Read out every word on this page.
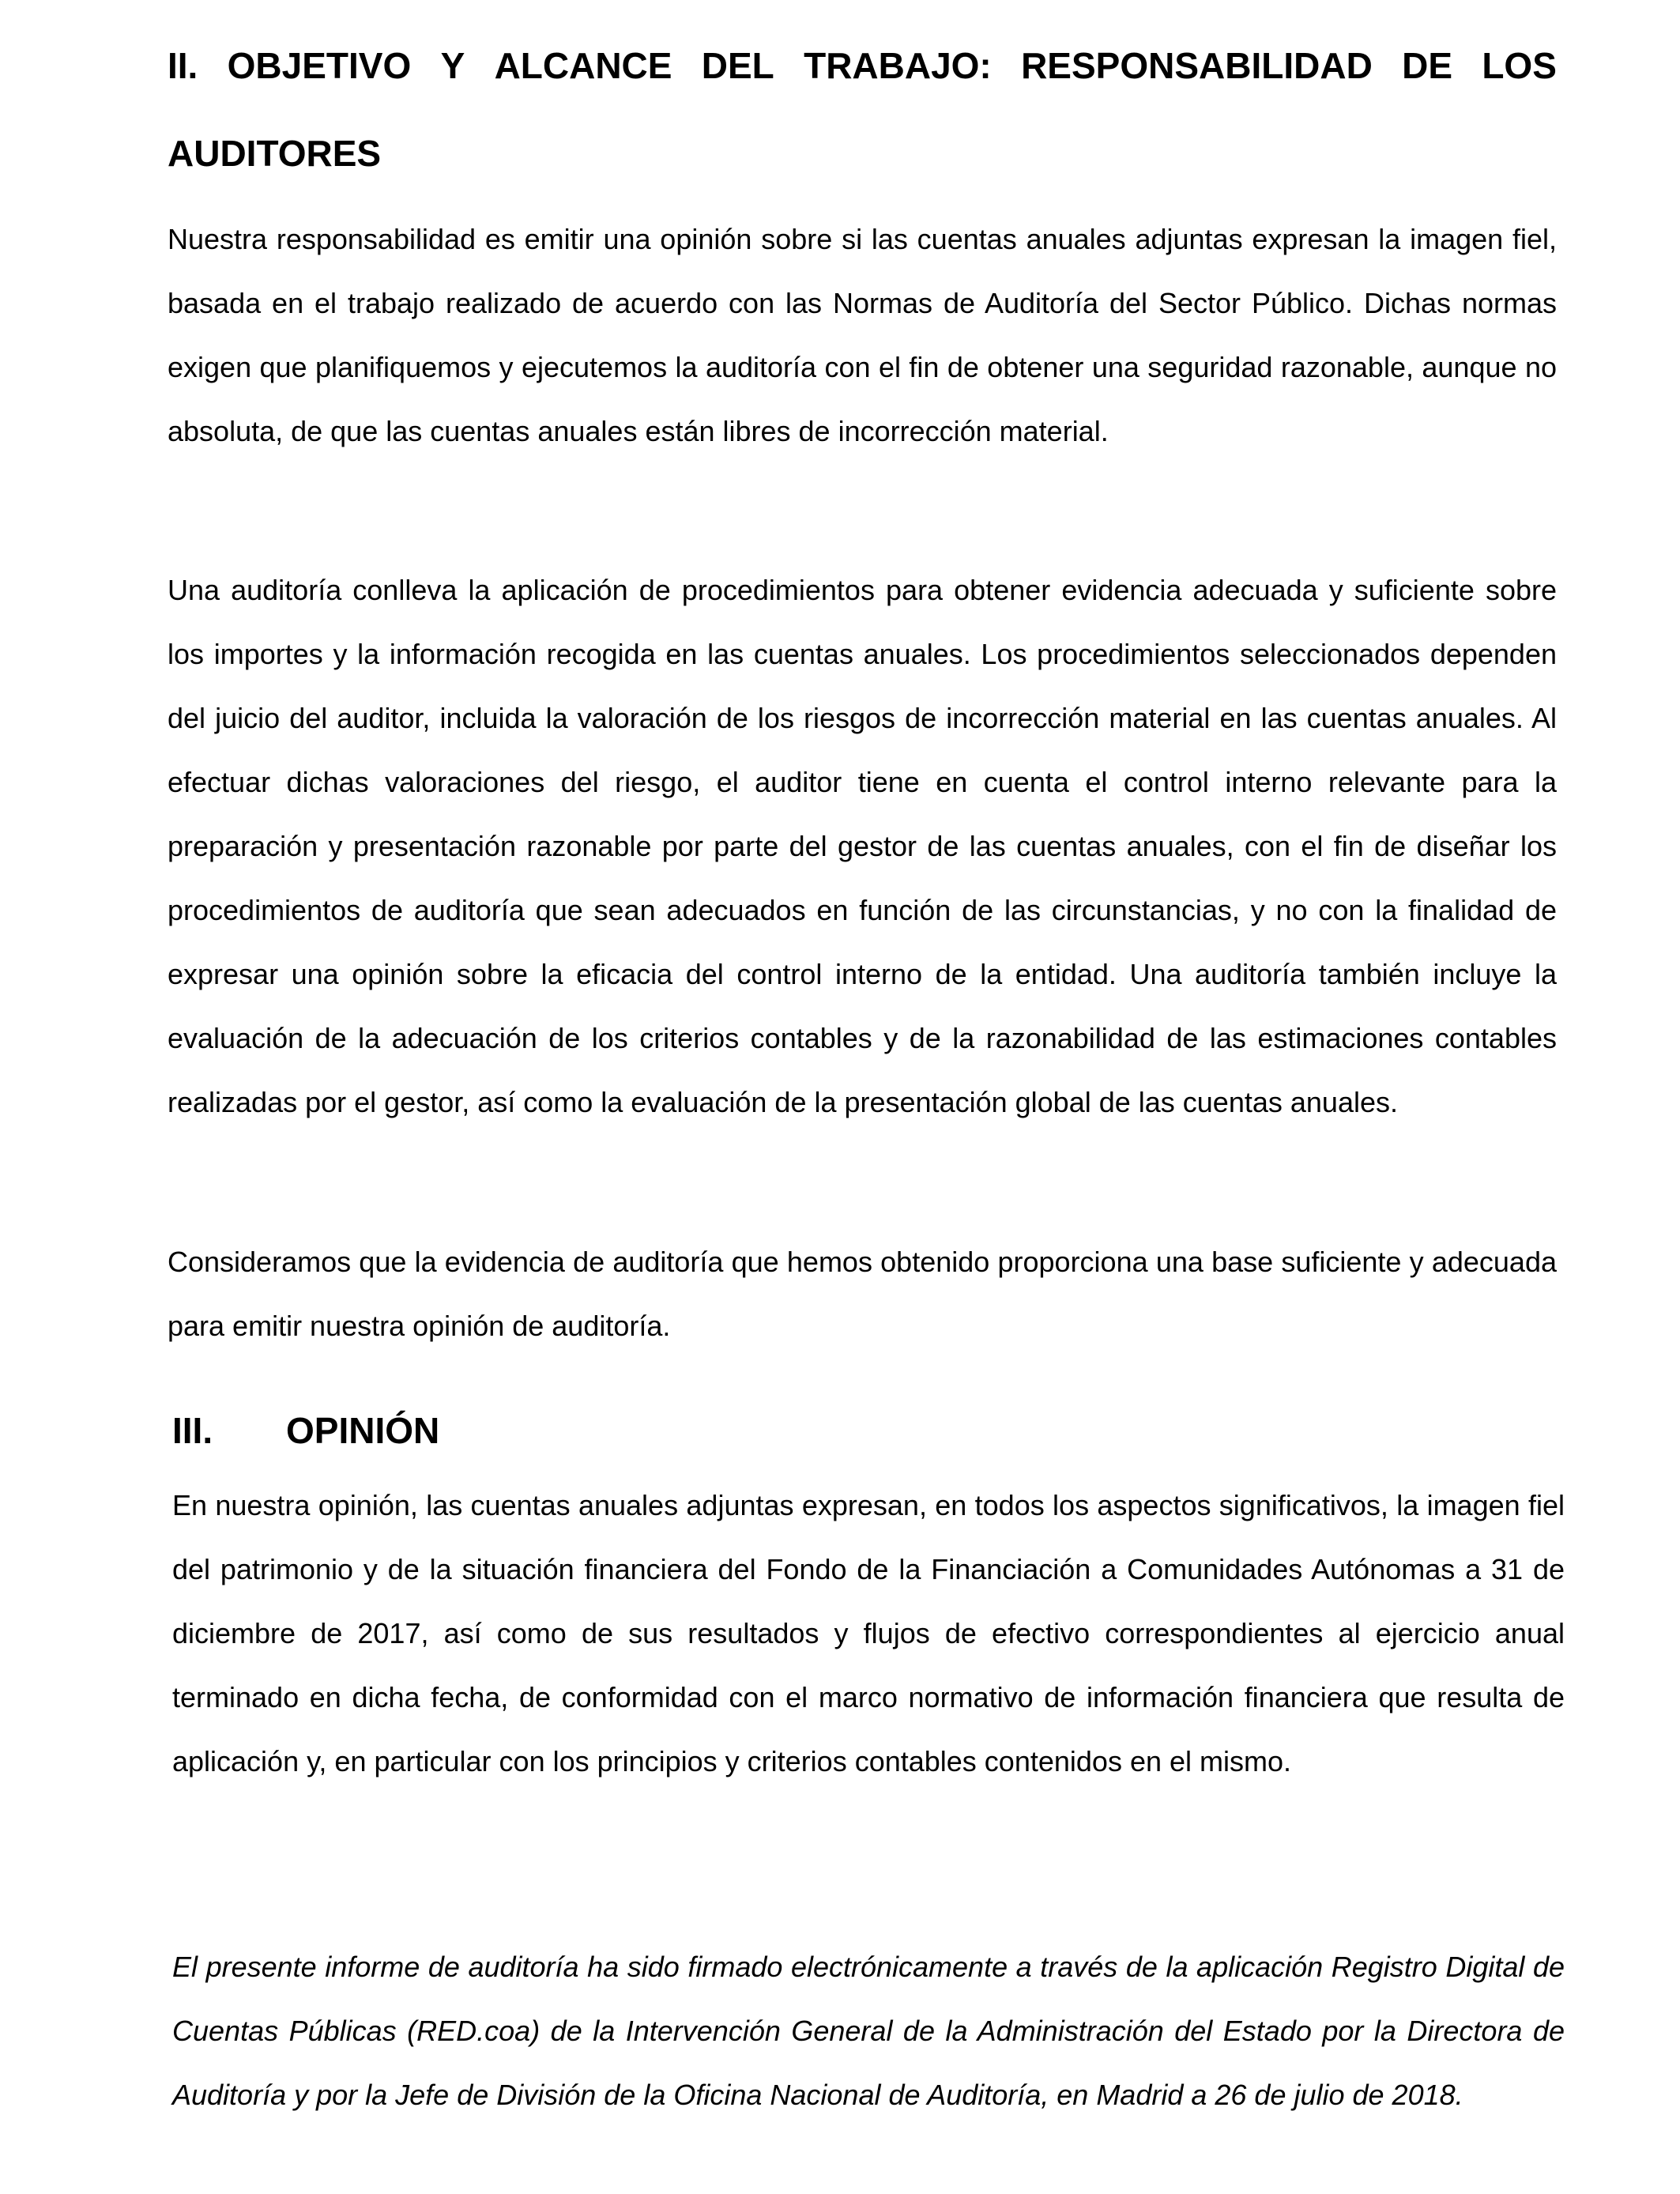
II. OBJETIVO Y ALCANCE DEL TRABAJO: RESPONSABILIDAD DE LOS
AUDITORES

Nuestra responsabilidad es emitir una opinión sobre si las cuentas anuales adjuntas expresan la imagen fiel, basada en el trabajo realizado de acuerdo con las Normas de Auditoría del Sector Público. Dichas normas exigen que planifiquemos y ejecutemos la auditoría con el fin de obtener una seguridad razonable, aunque no absoluta, de que las cuentas anuales están libres de incorrección material.

Una auditoría conlleva la aplicación de procedimientos para obtener evidencia adecuada y suficiente sobre los importes y la información recogida en las cuentas anuales. Los procedimientos seleccionados dependen del juicio del auditor, incluida la valoración de los riesgos de incorrección material en las cuentas anuales. Al efectuar dichas valoraciones del riesgo, el auditor tiene en cuenta el control interno relevante para la preparación y presentación razonable por parte del gestor de las cuentas anuales, con el fin de diseñar los procedimientos de auditoría que sean adecuados en función de las circunstancias, y no con la finalidad de expresar una opinión sobre la eficacia del control interno de la entidad. Una auditoría también incluye la evaluación de la adecuación de los criterios contables y de la razonabilidad de las estimaciones contables realizadas por el gestor, así como la evaluación de la presentación global de las cuentas anuales.

Consideramos que la evidencia de auditoría que hemos obtenido proporciona una base suficiente y adecuada para emitir nuestra opinión de auditoría.

III. OPINIÓN

En nuestra opinión, las cuentas anuales adjuntas expresan, en todos los aspectos significativos, la imagen fiel del patrimonio y de la situación financiera del Fondo de la Financiación a Comunidades Autónomas a 31 de diciembre de 2017, así como de sus resultados y flujos de efectivo correspondientes al ejercicio anual terminado en dicha fecha, de conformidad con el marco normativo de información financiera que resulta de aplicación y, en particular con los principios y criterios contables contenidos en el mismo.

El presente informe de auditoría ha sido firmado electrónicamente a través de la aplicación Registro Digital de Cuentas Públicas (RED.coa) de la Intervención General de la Administración del Estado por la Directora de Auditoría y por la Jefe de División de la Oficina Nacional de Auditoría, en Madrid a 26 de julio de 2018.
